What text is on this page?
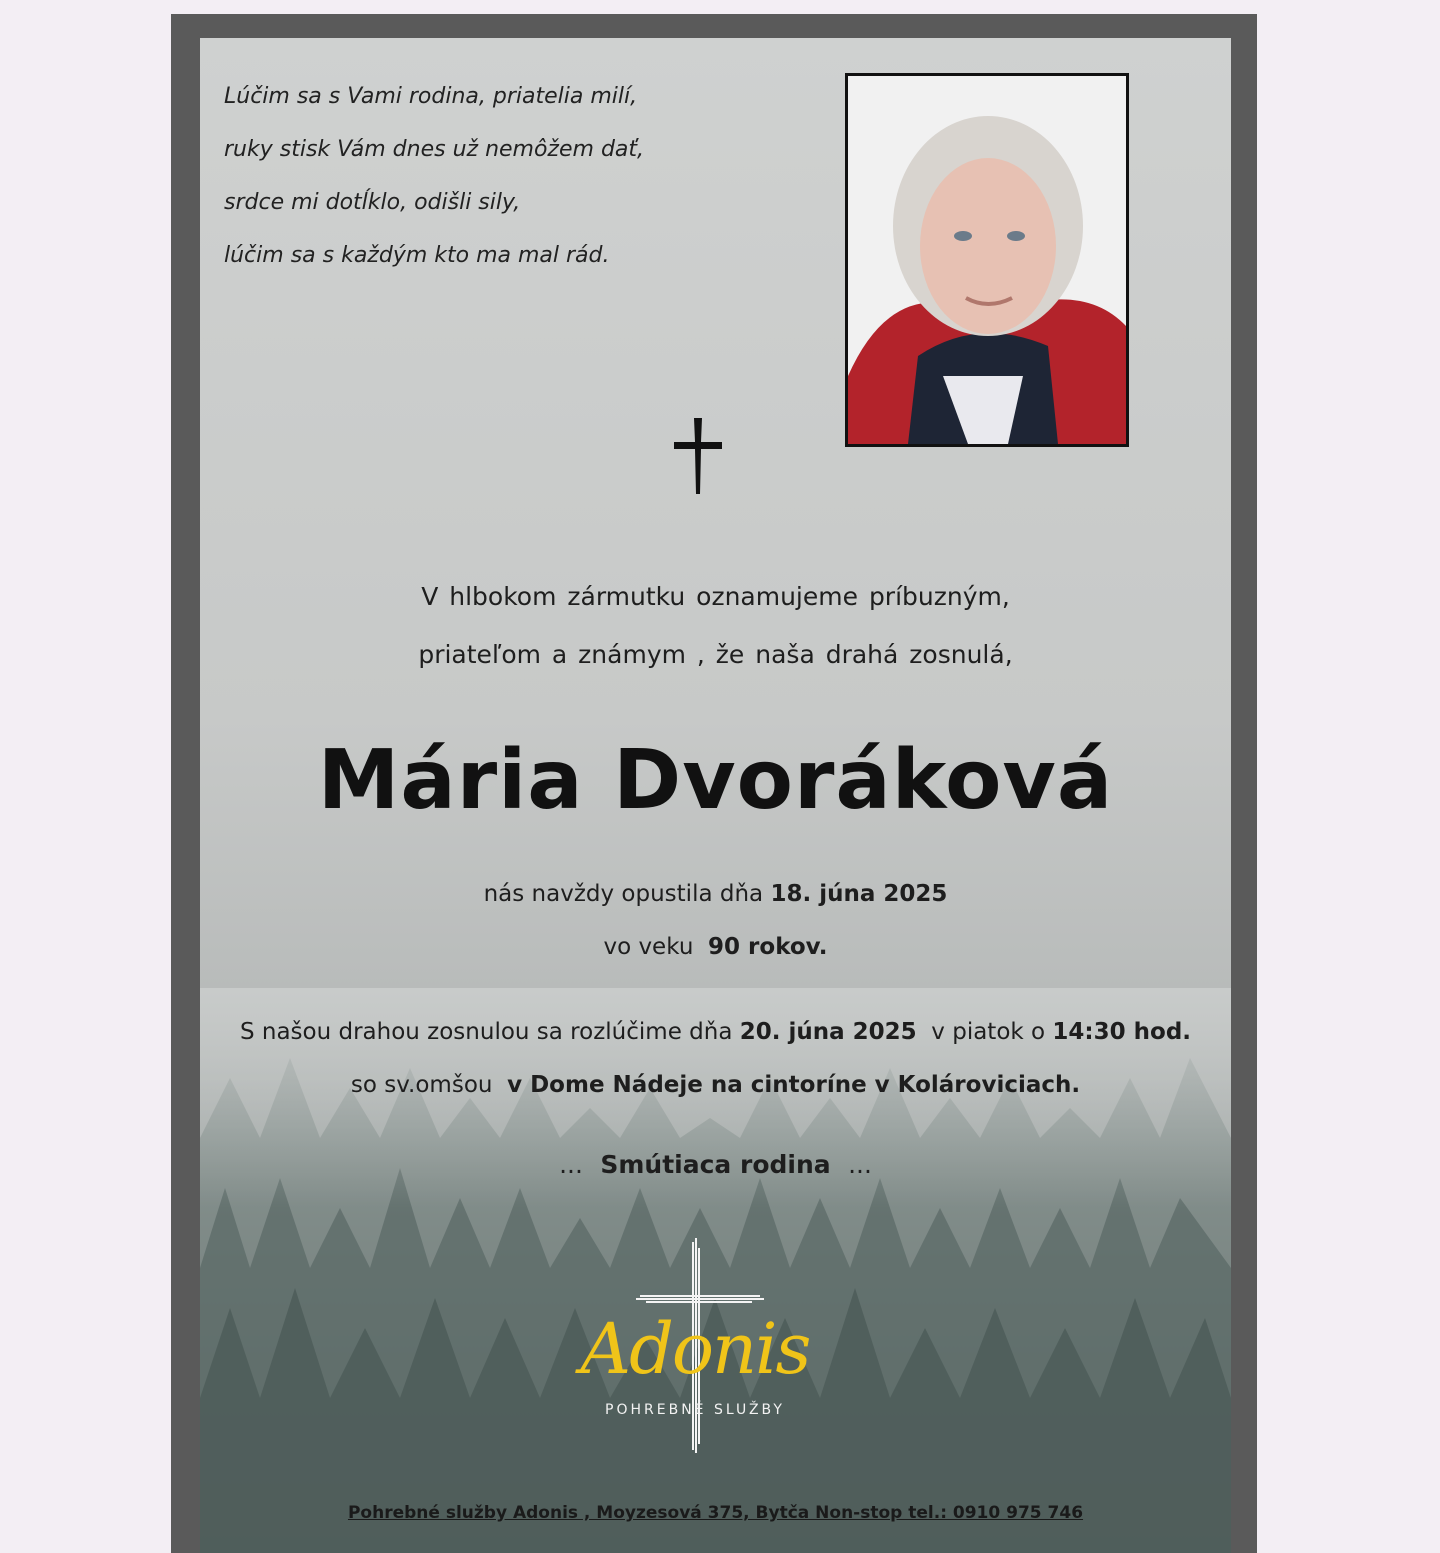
Lúčim sa s Vami rodina, priatelia milí,
ruky stisk Vám dnes už nemôžem dať,
srdce mi dotĺklo, odišli sily,
lúčim sa s každým kto ma mal rád.
V hlbokom zármutku oznamujeme príbuzným,
priateľom a známym , že naša drahá zosnulá,
Mária Dvoráková
nás navždy opustila dňa 18. júna 2025
vo veku 90 rokov.
S našou drahou zosnulou sa rozlúčime dňa 20. júna 2025 v piatok o 14:30 hod.
so sv.omšou v Dome Nádeje na cintoríne v Kolároviciach.
... Smútiaca rodina ...
Adonis
POHREBNÉ SLUŽBY
Pohrebné služby Adonis , Moyzesová 375, Bytča Non-stop tel.: 0910 975 746
